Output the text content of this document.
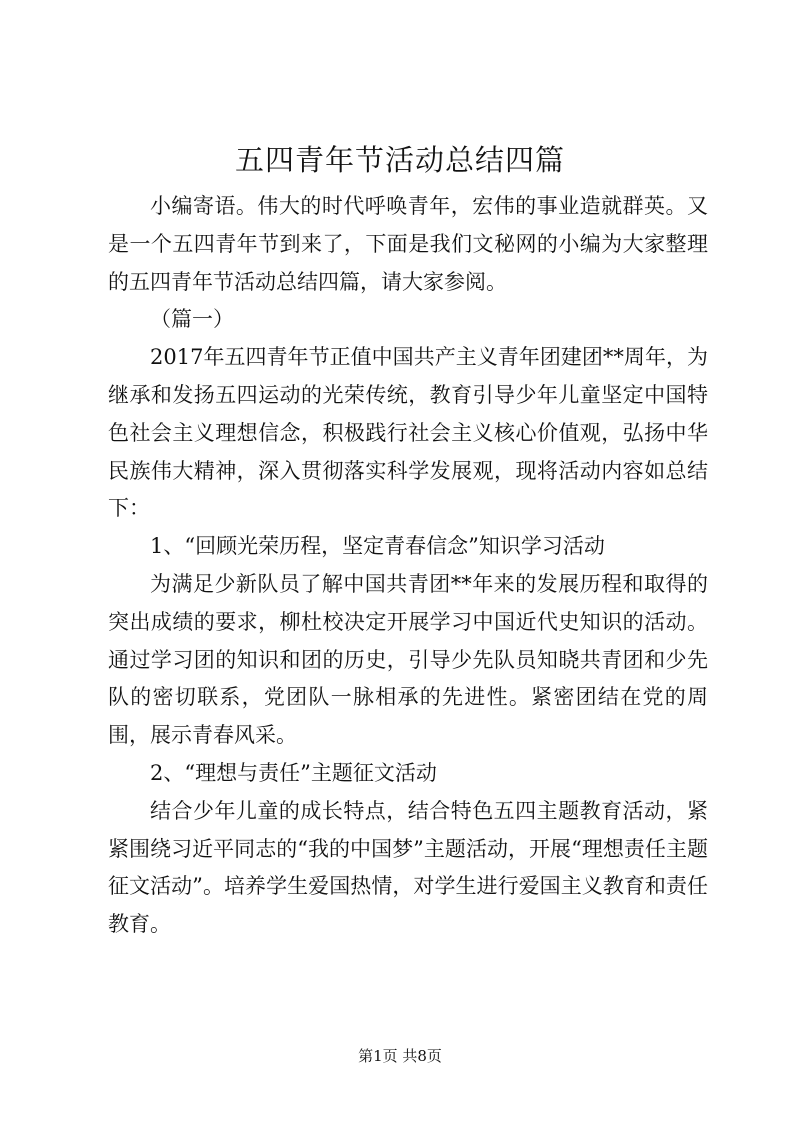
五四青年节活动总结四篇

小编寄语。伟大的时代呼唤青年，宏伟的事业造就群英。又是一个五四青年节到来了，下面是我们文秘网的小编为大家整理的五四青年节活动总结四篇，请大家参阅。

（篇一）

2017年五四青年节正值中国共产主义青年团建团**周年，为继承和发扬五四运动的光荣传统，教育引导少年儿童坚定中国特色社会主义理想信念，积极践行社会主义核心价值观，弘扬中华民族伟大精神，深入贯彻落实科学发展观，现将活动内容如总结下：

1、“回顾光荣历程，坚定青春信念”知识学习活动

为满足少新队员了解中国共青团**年来的发展历程和取得的突出成绩的要求，柳杜校决定开展学习中国近代史知识的活动。通过学习团的知识和团的历史，引导少先队员知晓共青团和少先队的密切联系，党团队一脉相承的先进性。紧密团结在党的周围，展示青春风采。

2、“理想与责任”主题征文活动

结合少年儿童的成长特点，结合特色五四主题教育活动，紧紧围绕习近平同志的“我的中国梦”主题活动，开展“理想责任主题征文活动”。培养学生爱国热情，对学生进行爱国主义教育和责任教育。

第1页 共8页
